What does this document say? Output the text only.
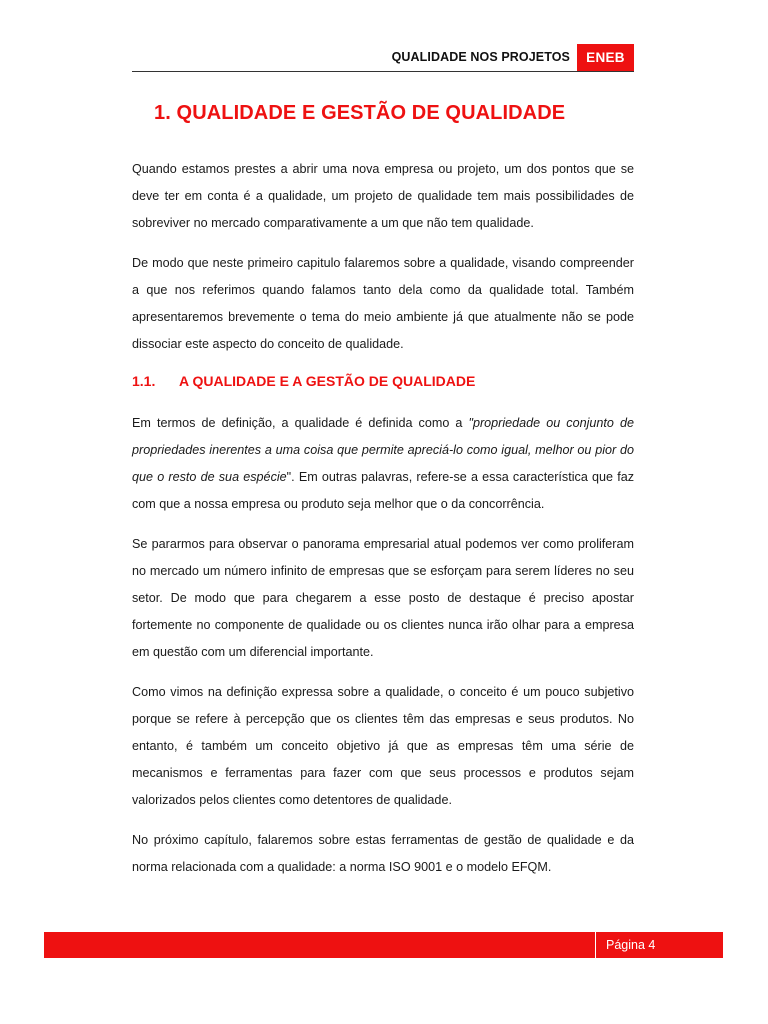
QUALIDADE NOS PROJETOS	ENEB
1. QUALIDADE E GESTÃO DE QUALIDADE

Quando estamos prestes a abrir uma nova empresa ou projeto, um dos pontos que se deve ter em conta é a qualidade, um projeto de qualidade tem mais possibilidades de sobreviver no mercado comparativamente a um que não tem qualidade.

De modo que neste primeiro capitulo falaremos sobre a qualidade, visando compreender a que nos referimos quando falamos tanto dela como da qualidade total. Também apresentaremos brevemente o tema do meio ambiente já que atualmente não se pode dissociar este aspecto do conceito de qualidade.

1.1. A QUALIDADE E A GESTÃO DE QUALIDADE

Em termos de definição, a qualidade é definida como a "propriedade ou conjunto de propriedades inerentes a uma coisa que permite apreciá-lo como igual, melhor ou pior do que o resto de sua espécie". Em outras palavras, refere-se a essa característica que faz com que a nossa empresa ou produto seja melhor que o da concorrência.

Se pararmos para observar o panorama empresarial atual podemos ver como proliferam no mercado um número infinito de empresas que se esforçam para serem líderes no seu setor. De modo que para chegarem a esse posto de destaque é preciso apostar fortemente no componente de qualidade ou os clientes nunca irão olhar para a empresa em questão com um diferencial importante.

Como vimos na definição expressa sobre a qualidade, o conceito é um pouco subjetivo porque se refere à percepção que os clientes têm das empresas e seus produtos. No entanto, é também um conceito objetivo já que as empresas têm uma série de mecanismos e ferramentas para fazer com que seus processos e produtos sejam valorizados pelos clientes como detentores de qualidade.

No próximo capítulo, falaremos sobre estas ferramentas de gestão de qualidade e da norma relacionada com a qualidade: a norma ISO 9001 e o modelo EFQM.

Página 4
